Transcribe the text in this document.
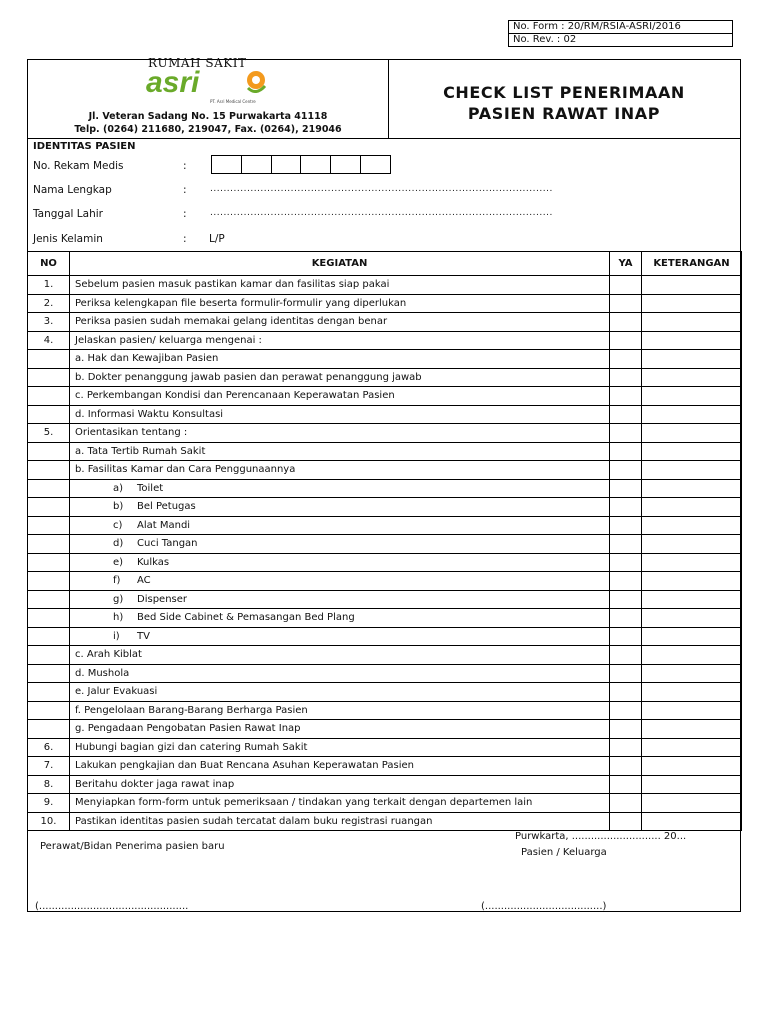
No. Form : 20/RM/RSIA-ASRI/2016
No. Rev. : 02
RUMAH SAKIT
asri
PT. Asri Medical Centre
Jl. Veteran Sadang No. 15 Purwakarta 41118
Telp. (0264) 211680, 219047, Fax. (0264), 219046
CHECK LIST PENERIMAAN
PASIEN RAWAT INAP
IDENTITAS PASIEN
No. Rekam Medis	:
Nama Lengkap	:	......................................................................................................
Tanggal Lahir	:	......................................................................................................
Jenis Kelamin	: L/P
NO	KEGIATAN	YA	KETERANGAN
1.	Sebelum pasien masuk pastikan kamar dan fasilitas siap pakai		
2.	Periksa kelengkapan file beserta formulir-formulir yang diperlukan		
3.	Periksa pasien sudah memakai gelang identitas dengan benar		
4.	Jelaskan pasien/ keluarga mengenai :		
	a. Hak dan Kewajiban Pasien		
	b. Dokter penanggung jawab pasien dan perawat penanggung jawab		
	c. Perkembangan Kondisi dan Perencanaan Keperawatan Pasien		
	d. Informasi Waktu Konsultasi		
5.	Orientasikan tentang :		
	a. Tata Tertib Rumah Sakit		
	b. Fasilitas Kamar dan Cara Penggunaannya		
	a) Toilet		
	b) Bel Petugas		
	c) Alat Mandi		
	d) Cuci Tangan		
	e) Kulkas		
	f) AC		
	g) Dispenser		
	h) Bed Side Cabinet & Pemasangan Bed Plang		
	i) TV		
	c. Arah Kiblat		
	d. Mushola		
	e. Jalur Evakuasi		
	f. Pengelolaan Barang-Barang Berharga Pasien		
	g. Pengadaan Pengobatan Pasien Rawat Inap		
6.	Hubungi bagian gizi dan catering Rumah Sakit		
7.	Lakukan pengkajian dan Buat Rencana Asuhan Keperawatan Pasien		
8.	Beritahu dokter jaga rawat inap		
9.	Menyiapkan form-form untuk pemeriksaan / tindakan yang terkait dengan departemen lain		
10.	Pastikan identitas pasien sudah tercatat dalam buku registrasi ruangan		
Purwkarta, ............................ 20...
Perawat/Bidan Penerima pasien baru
Pasien / Keluarga
(...............................................	(.....................................)
